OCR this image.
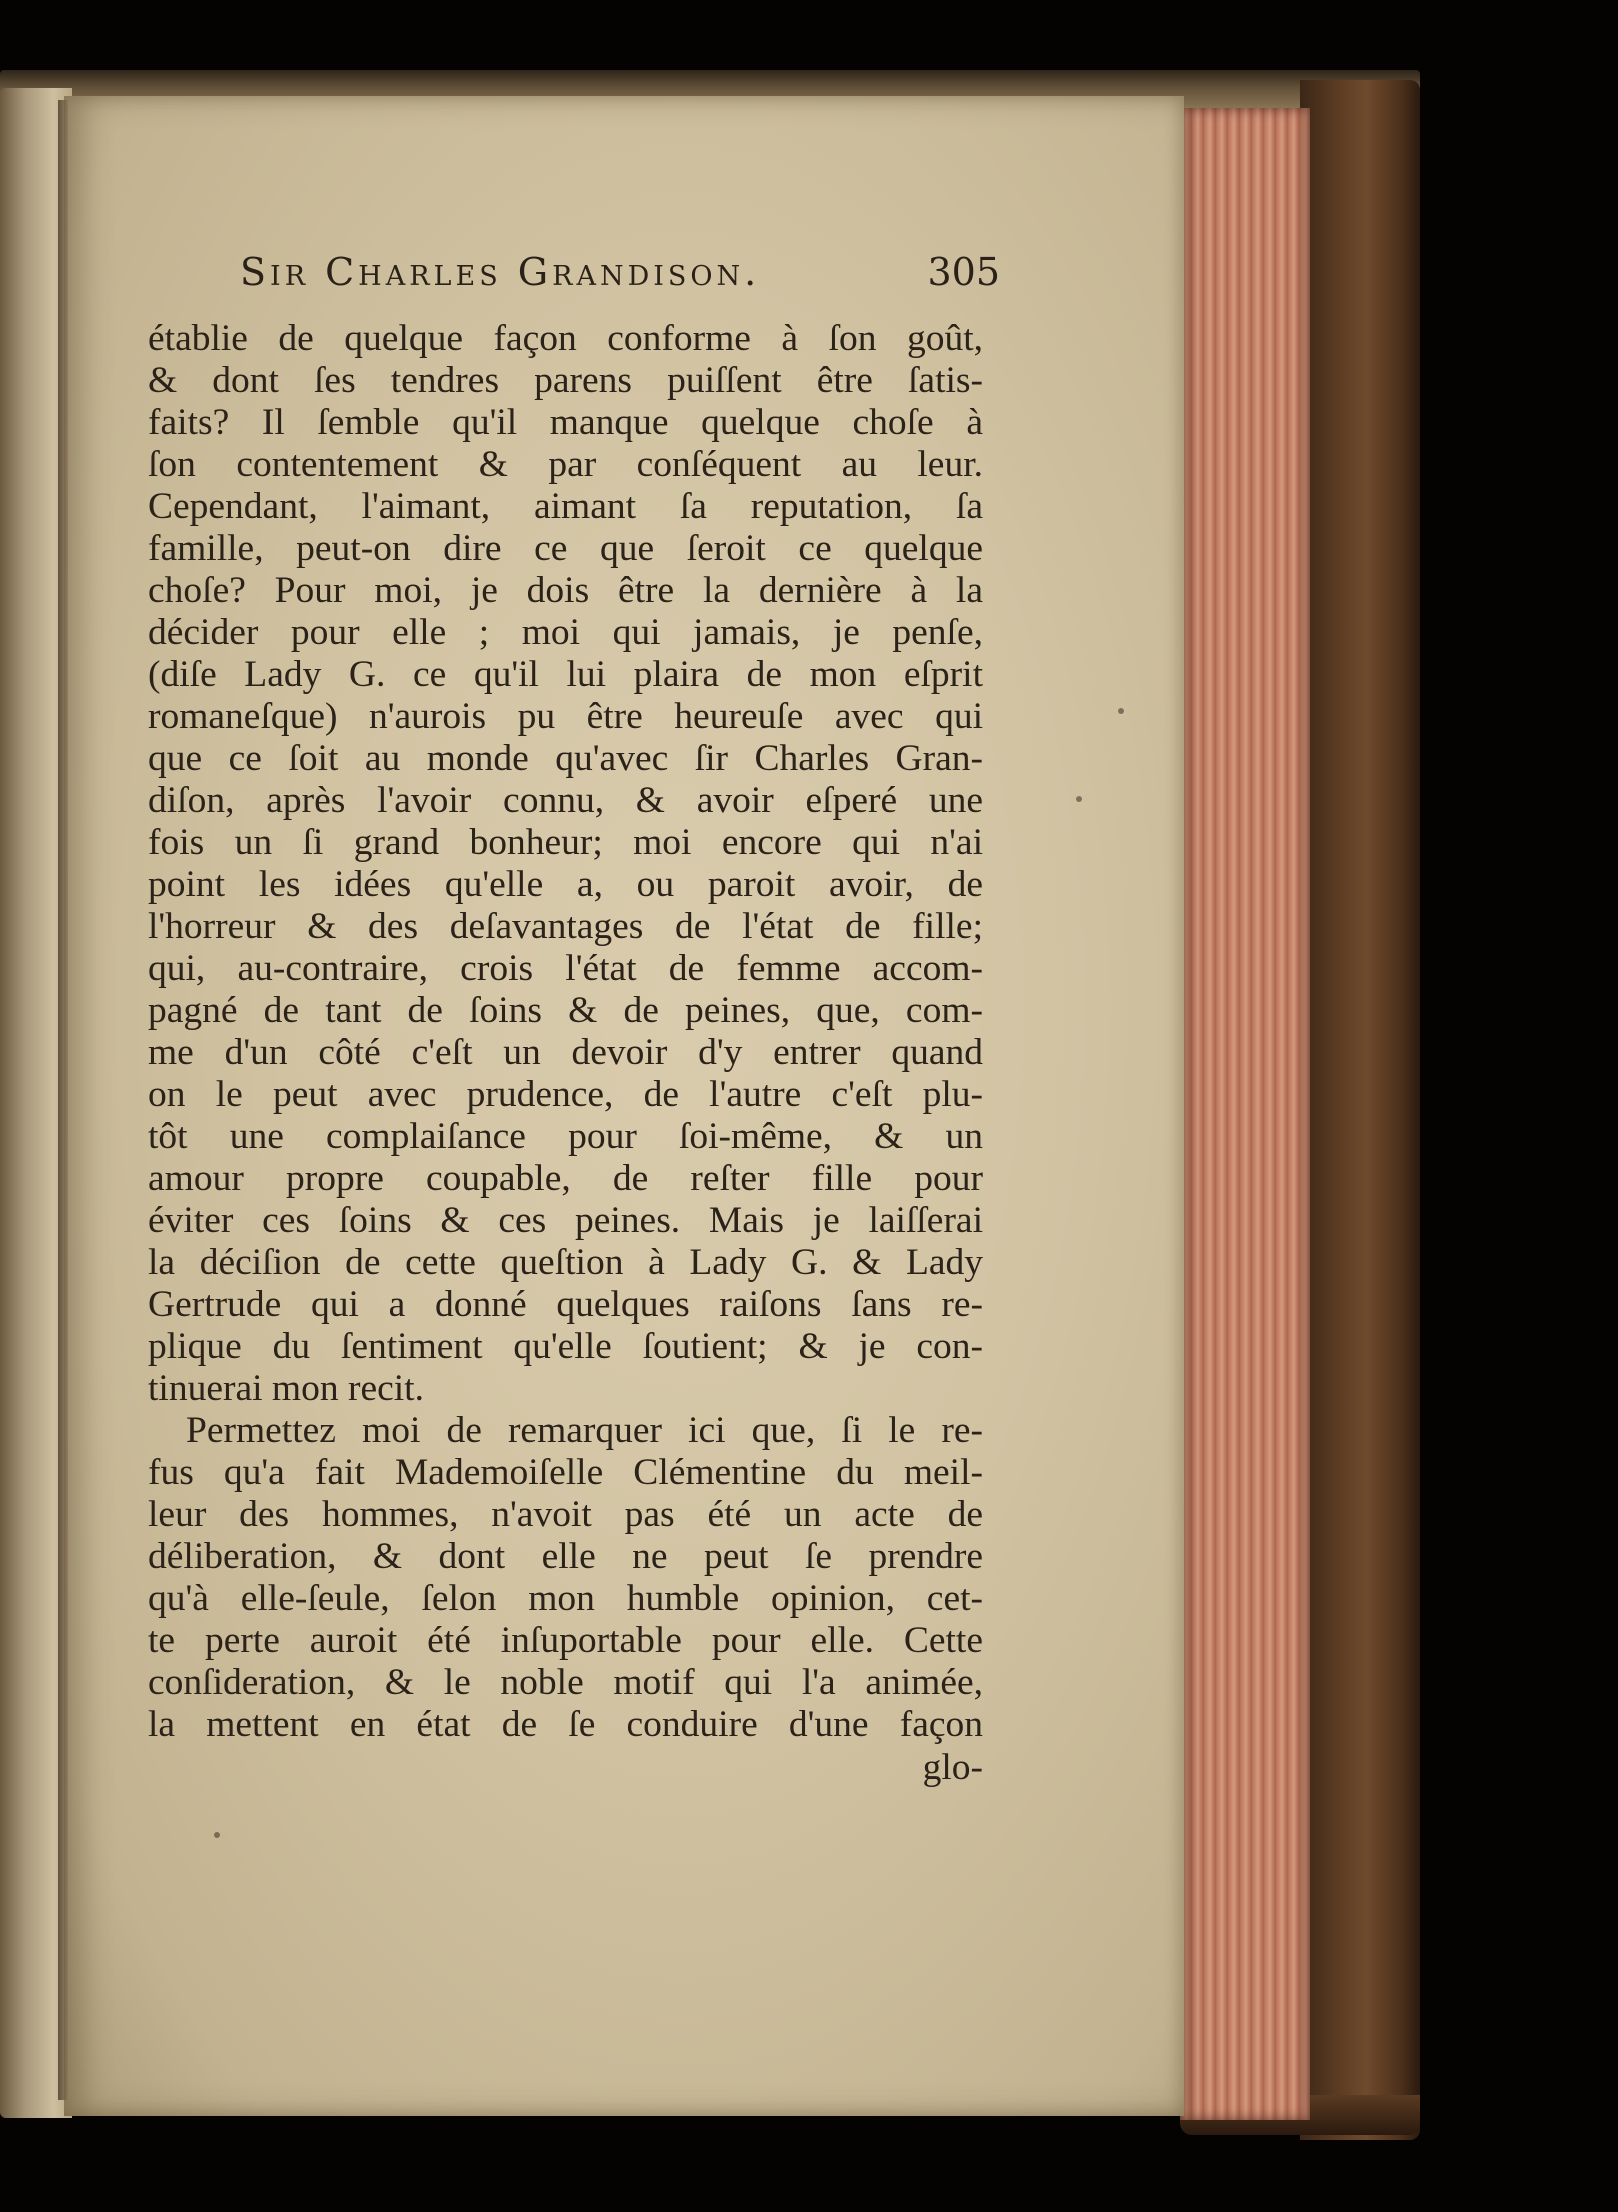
Sir Charles Grandison.	305
établie de quelque façon conforme à ſon goût,
& dont ſes tendres parens puiſſent être ſatis-
faits? Il ſemble qu'il manque quelque choſe à
ſon contentement & par conſéquent au leur.
Cependant, l'aimant, aimant ſa reputation, ſa
famille, peut-on dire ce que ſeroit ce quelque
choſe? Pour moi, je dois être la dernière à la
décider pour elle ; moi qui jamais, je penſe,
(diſe Lady G. ce qu'il lui plaira de mon eſprit
romaneſque) n'aurois pu être heureuſe avec qui
que ce ſoit au monde qu'avec ſir Charles Gran-
diſon, après l'avoir connu, & avoir eſperé une
fois un ſi grand bonheur; moi encore qui n'ai
point les idées qu'elle a, ou paroit avoir, de
l'horreur & des deſavantages de l'état de fille;
qui, au-contraire, crois l'état de femme accom-
pagné de tant de ſoins & de peines, que, com-
me d'un côté c'eſt un devoir d'y entrer quand
on le peut avec prudence, de l'autre c'eſt plu-
tôt une complaiſance pour ſoi-même, & un
amour propre coupable, de reſter fille pour
éviter ces ſoins & ces peines. Mais je laiſſerai
la déciſion de cette queſtion à Lady G. & Lady
Gertrude qui a donné quelques raiſons ſans re-
plique du ſentiment qu'elle ſoutient; & je con-
tinuerai mon recit.
Permettez moi de remarquer ici que, ſi le re-
fus qu'a fait Mademoiſelle Clémentine du meil-
leur des hommes, n'avoit pas été un acte de
déliberation, & dont elle ne peut ſe prendre
qu'à elle-ſeule, ſelon mon humble opinion, cet-
te perte auroit été inſuportable pour elle. Cette
conſideration, & le noble motif qui l'a animée,
la mettent en état de ſe conduire d'une façon
glo-
